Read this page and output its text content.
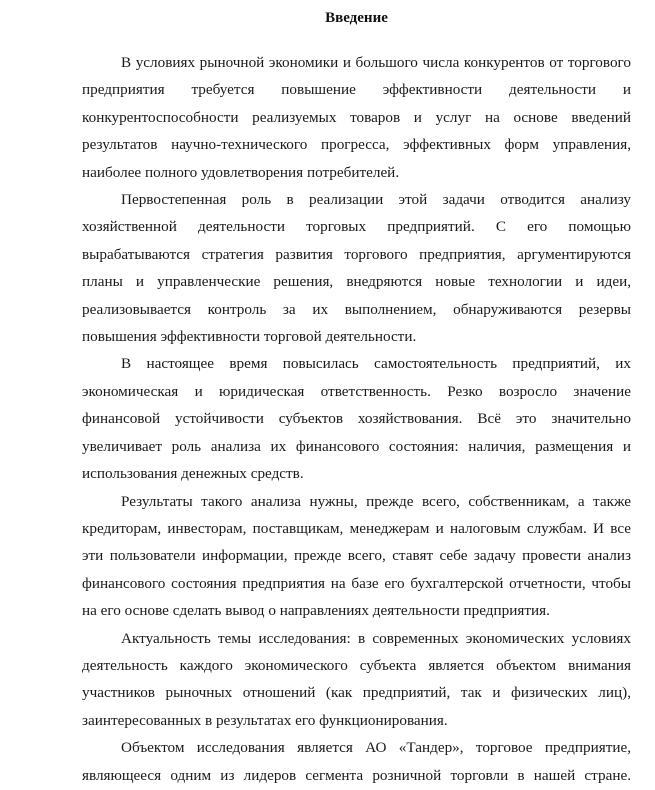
Введение

В условиях рыночной экономики и большого числа конкурентов от торгового предприятия требуется повышение эффективности деятельности и конкурентоспособности реализуемых товаров и услуг на основе введений результатов научно-технического прогресса, эффективных форм управления, наиболее полного удовлетворения потребителей.

Первостепенная роль в реализации этой задачи отводится анализу хозяйственной деятельности торговых предприятий. С его помощью вырабатываются стратегия развития торгового предприятия, аргументируются планы и управленческие решения, внедряются новые технологии и идеи, реализовывается контроль за их выполнением, обнаруживаются резервы повышения эффективности торговой деятельности.

В настоящее время повысилась самостоятельность предприятий, их экономическая и юридическая ответственность. Резко возросло значение финансовой устойчивости субъектов хозяйствования. Всё это значительно увеличивает роль анализа их финансового состояния: наличия, размещения и использования денежных средств.

Результаты такого анализа нужны, прежде всего, собственникам, а также кредиторам, инвесторам, поставщикам, менеджерам и налоговым службам. И все эти пользователи информации, прежде всего, ставят себе задачу провести анализ финансового состояния предприятия на базе его бухгалтерской отчетности, чтобы на его основе сделать вывод о направлениях деятельности предприятия.

Актуальность темы исследования: в современных экономических условиях деятельность каждого экономического субъекта является объектом внимания участников рыночных отношений (как предприятий, так и физических лиц), заинтересованных в результатах его функционирования.

Объектом исследования является АО «Тандер», торговое предприятие, являющееся одним из лидеров сегмента розничной торговли в нашей стране.
